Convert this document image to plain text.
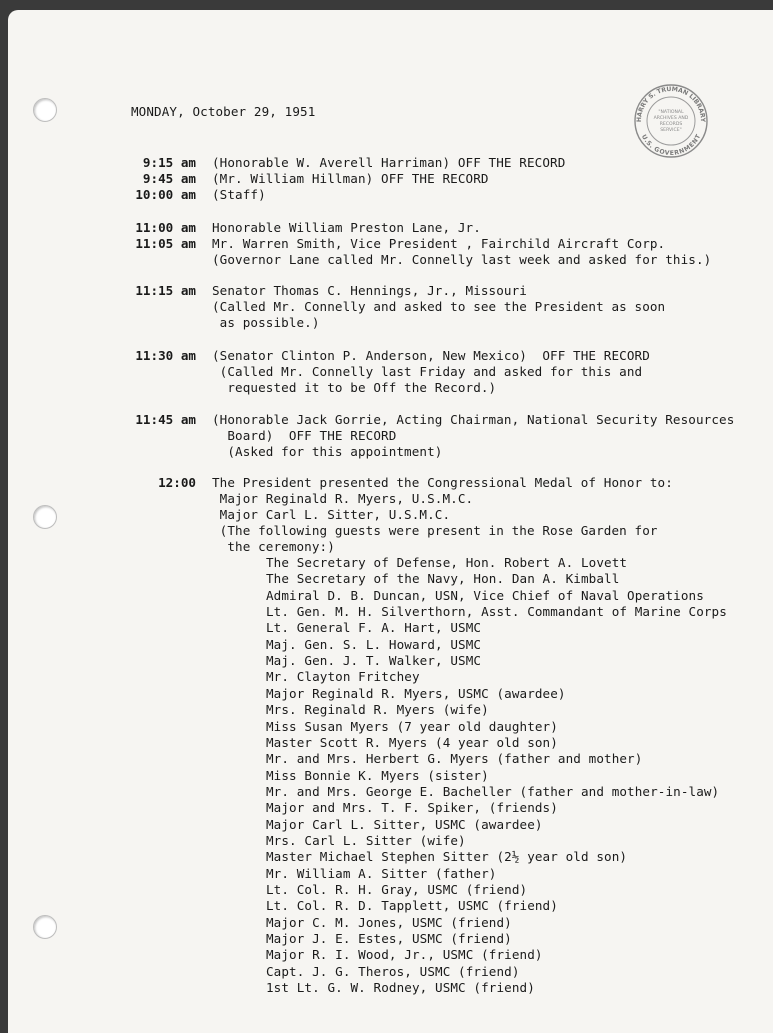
HARRY S. TRUMAN LIBRARY
U.S. GOVERNMENT
"NATIONAL
ARCHIVES AND
RECORDS
SERVICE"
MONDAY, October 29, 1951
9:15 am (Honorable W. Averell Harriman) OFF THE RECORD
9:45 am (Mr. William Hillman) OFF THE RECORD
10:00 am (Staff)
11:00 am Honorable William Preston Lane, Jr.
11:05 am Mr. Warren Smith, Vice President , Fairchild Aircraft Corp.
(Governor Lane called Mr. Connelly last week and asked for this.)
11:15 am Senator Thomas C. Hennings, Jr., Missouri
(Called Mr. Connelly and asked to see the President as soon
as possible.)
11:30 am (Senator Clinton P. Anderson, New Mexico)  OFF THE RECORD
(Called Mr. Connelly last Friday and asked for this and
requested it to be Off the Record.)
11:45 am (Honorable Jack Gorrie, Acting Chairman, National Security Resources
Board)  OFF THE RECORD
(Asked for this appointment)
12:00 The President presented the Congressional Medal of Honor to:
Major Reginald R. Myers, U.S.M.C.
Major Carl L. Sitter, U.S.M.C.
(The following guests were present in the Rose Garden for
the ceremony:)
The Secretary of Defense, Hon. Robert A. Lovett
The Secretary of the Navy, Hon. Dan A. Kimball
Admiral D. B. Duncan, USN, Vice Chief of Naval Operations
Lt. Gen. M. H. Silverthorn, Asst. Commandant of Marine Corps
Lt. General F. A. Hart, USMC
Maj. Gen. S. L. Howard, USMC
Maj. Gen. J. T. Walker, USMC
Mr. Clayton Fritchey
Major Reginald R. Myers, USMC (awardee)
Mrs. Reginald R. Myers (wife)
Miss Susan Myers (7 year old daughter)
Master Scott R. Myers (4 year old son)
Mr. and Mrs. Herbert G. Myers (father and mother)
Miss Bonnie K. Myers (sister)
Mr. and Mrs. George E. Bacheller (father and mother-in-law)
Major and Mrs. T. F. Spiker, (friends)
Major Carl L. Sitter, USMC (awardee)
Mrs. Carl L. Sitter (wife)
Master Michael Stephen Sitter (2½ year old son)
Mr. William A. Sitter (father)
Lt. Col. R. H. Gray, USMC (friend)
Lt. Col. R. D. Tapplett, USMC (friend)
Major C. M. Jones, USMC (friend)
Major J. E. Estes, USMC (friend)
Major R. I. Wood, Jr., USMC (friend)
Capt. J. G. Theros, USMC (friend)
1st Lt. G. W. Rodney, USMC (friend)
